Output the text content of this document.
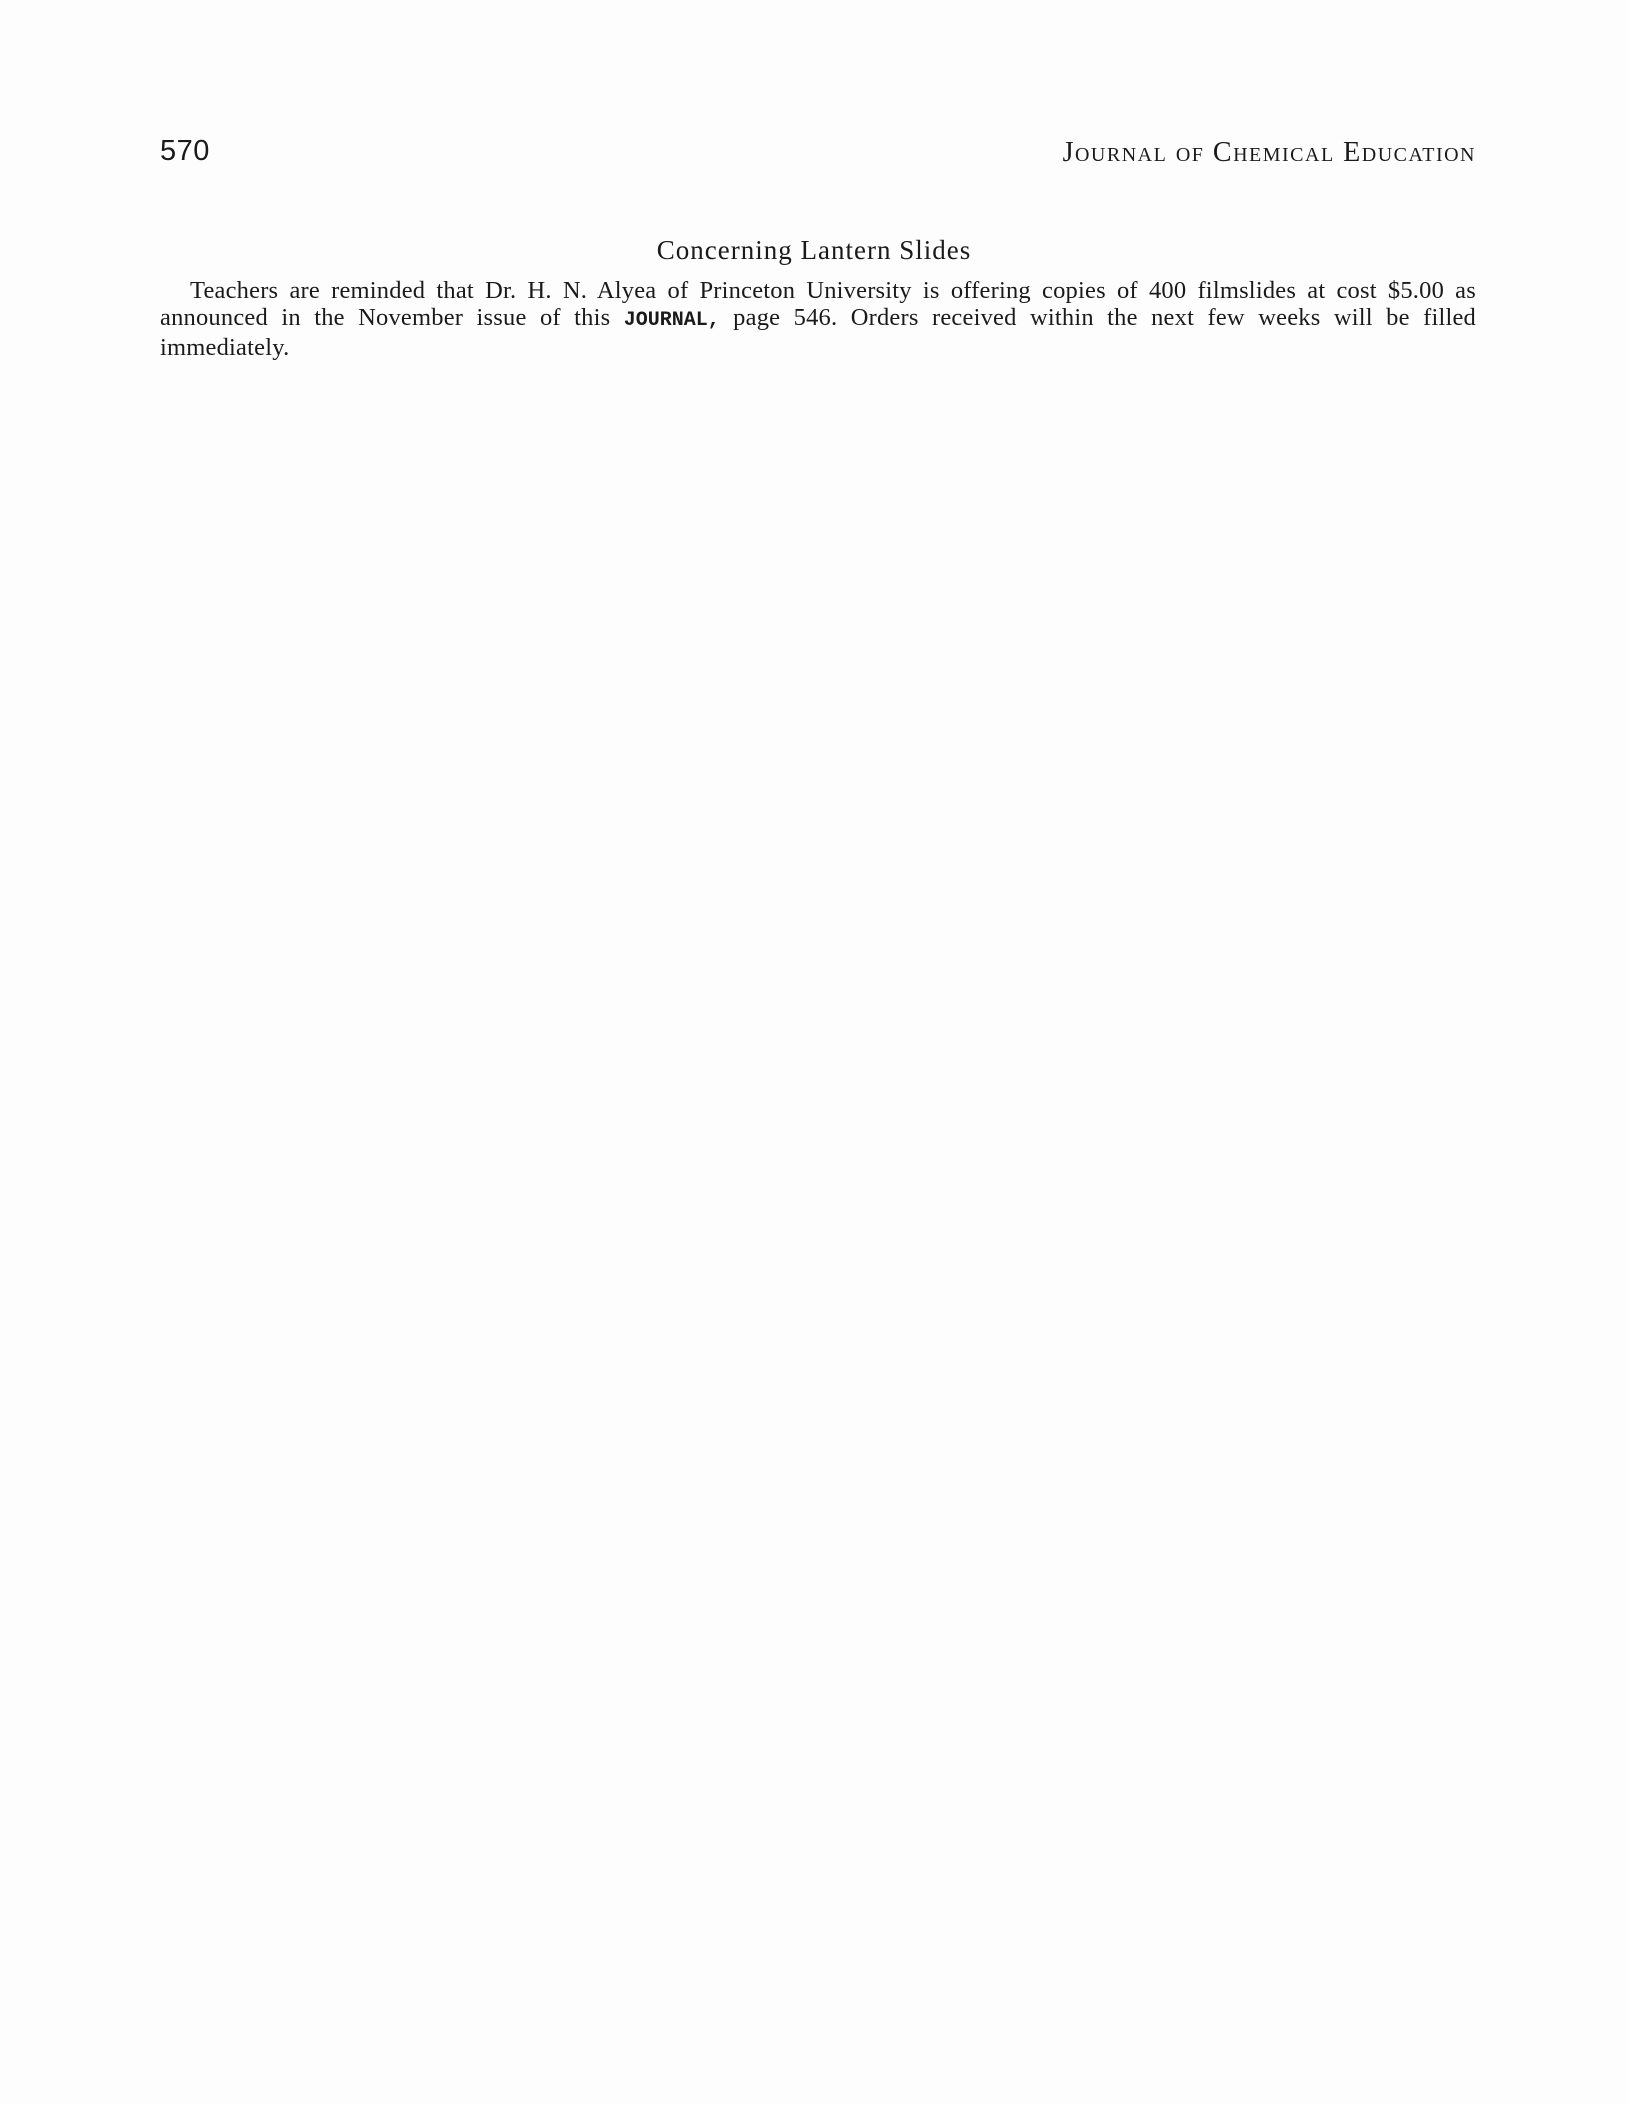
570	Journal of Chemical Education
Concerning Lantern Slides

Teachers are reminded that Dr. H. N. Alyea of Princeton University is offering copies of 400 filmslides at cost $5.00 as announced in the November issue of this JOURNAL, page 546. Orders received within the next few weeks will be filled immediately.
